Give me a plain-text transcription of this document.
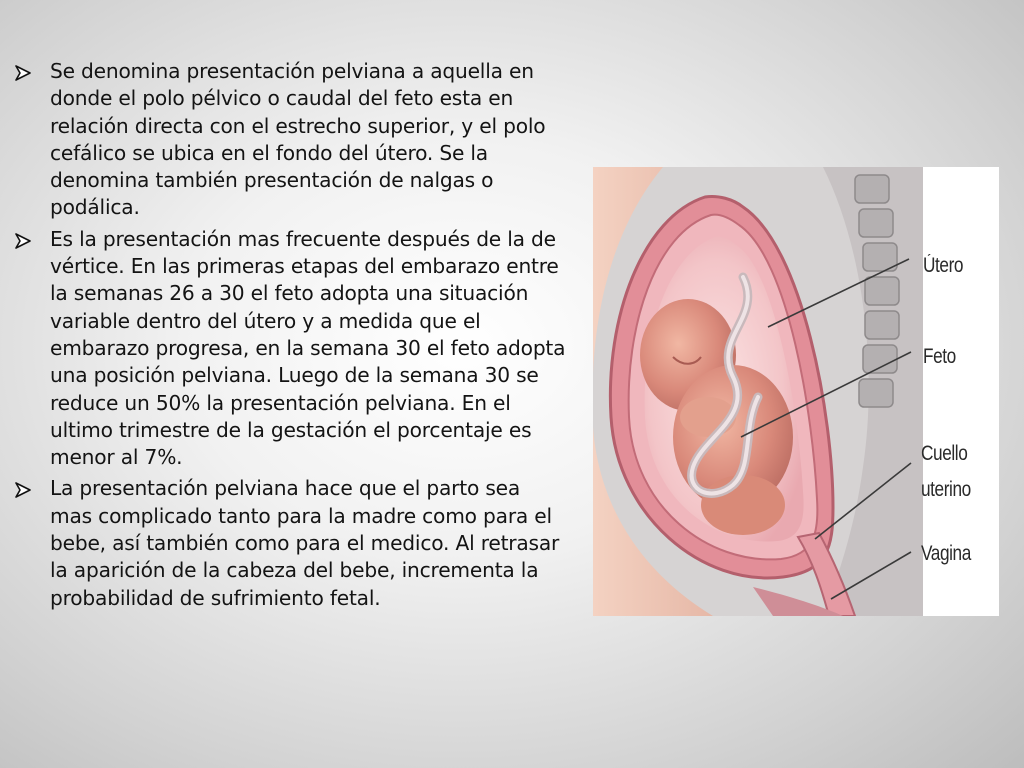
Se denomina presentación pelviana a aquella en donde el polo pélvico o caudal del feto esta en relación directa con el estrecho superior, y el polo cefálico se ubica en el fondo del útero. Se la denomina también presentación de nalgas o podálica.
Es la presentación mas frecuente después de la de vértice. En las primeras etapas del embarazo entre la semanas 26 a 30 el feto adopta una situación variable dentro del útero y a medida que el embarazo progresa, en la semana 30 el feto adopta una posición pelviana. Luego de la semana 30 se reduce un 50% la presentación pelviana. En el ultimo trimestre de la gestación el porcentaje es menor al 7%.
La presentación pelviana hace que el parto sea mas complicado tanto para la madre como para el bebe, así también como para el medico. Al retrasar la aparición de la cabeza del bebe, incrementa la probabilidad de sufrimiento fetal.
Útero
Feto
Cuello
uterino
Vagina
